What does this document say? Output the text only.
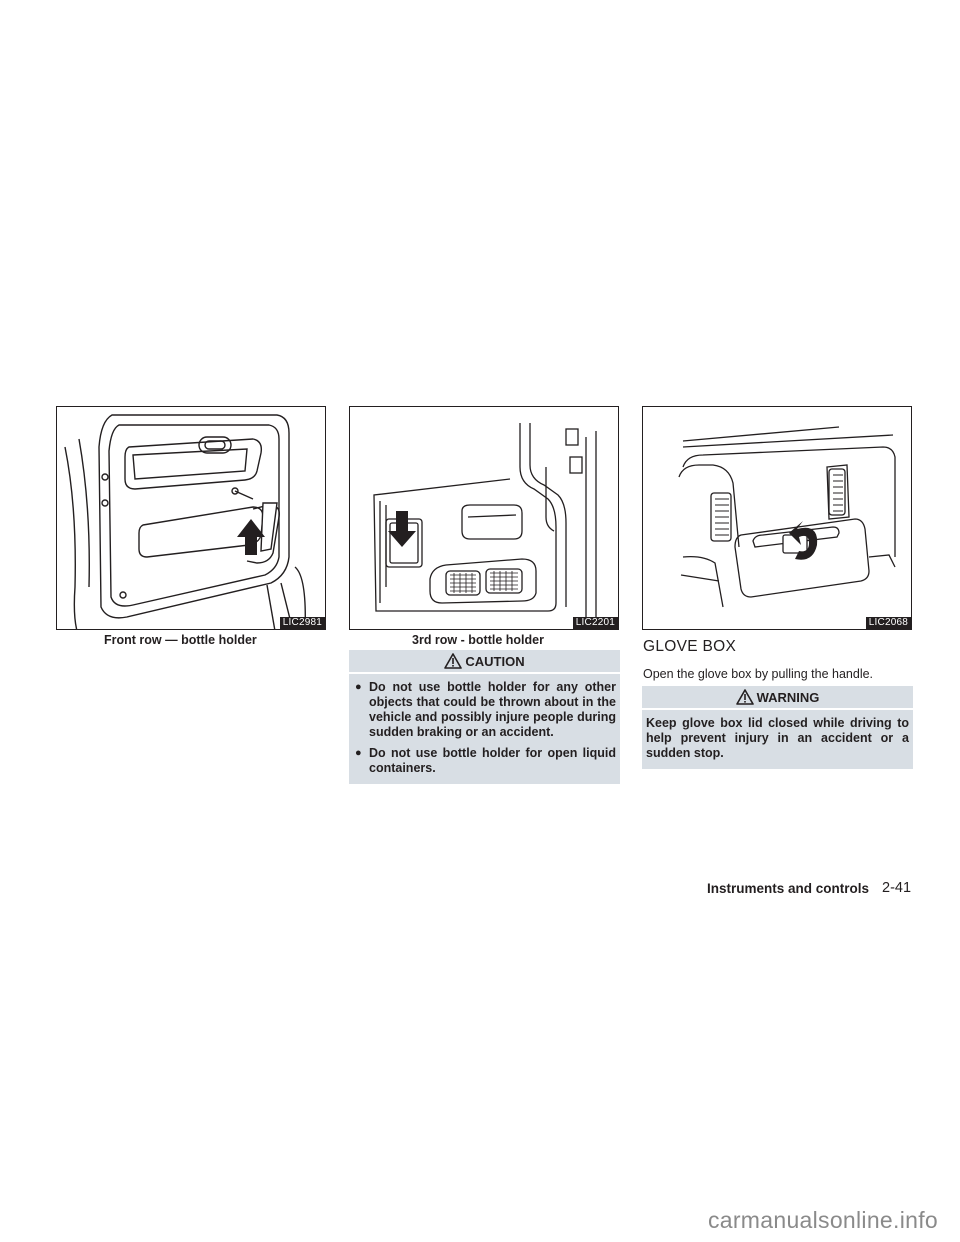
LIC2981
Front row — bottle holder
LIC2201
3rd row - bottle holder
LIC2068
CAUTION
● Do not use bottle holder for any other objects that could be thrown about in the vehicle and possibly injure people during sudden braking or an accident.
● Do not use bottle holder for open liquid containers.
GLOVE BOX
Open the glove box by pulling the handle.
WARNING
Keep glove box lid closed while driving to help prevent injury in an accident or a sudden stop.
Instruments and controls 2-41
carmanualsonline.info
